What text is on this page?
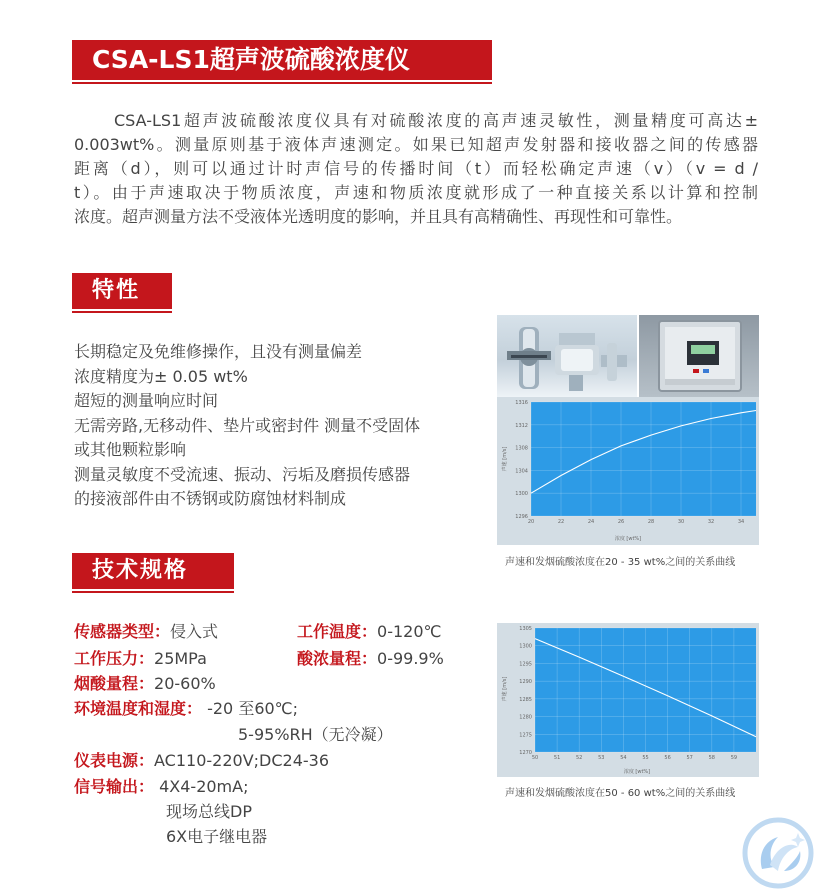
CSA-LS1超声波硫酸浓度仪
CSA-LS1超声波硫酸浓度仪具有对硫酸浓度的高声速灵敏性，测量精度可高达±
0.003wt%。测量原则基于液体声速测定。如果已知超声发射器和接收器之间的传感器
距离（d），则可以通过计时声信号的传播时间（t）而轻松确定声速（v）（v = d /
t）。由于声速取决于物质浓度，声速和物质浓度就形成了一种直接关系以计算和控制
浓度。超声测量方法不受液体光透明度的影响，并且具有高精确性、再现性和可靠性。
特性
长期稳定及免维修操作，且没有测量偏差
浓度精度为± 0.05 wt%
超短的测量响应时间
无需旁路,无移动件、垫片或密封件 测量不受固体
或其他颗粒影响
测量灵敏度不受流速、振动、污垢及磨损传感器
的接液部件由不锈钢或防腐蚀材料制成
1296
1300
1304
1308
1312
1316
20	22	24	26	28	30	32	34
浓度 [wt%]
声速 [m/s]
声速和发烟硫酸浓度在20 - 35 wt%之间的关系曲线
技术规格
传感器类型：侵入式	工作温度：0-120℃
工作压力：25MPa	酸浓量程：0-99.9%
烟酸量程：20-60%
环境温度和湿度： -20 至60℃;
5-95%RH（无冷凝）
仪表电源：AC110-220V;DC24-36
信号输出： 4X4-20mA;
现场总线DP
6X电子继电器
1270
1275
1280
1285
1290
1295
1300
1305
50	51	52	53	54	55	56	57	58	59
浓度 [wt%]
声速 [m/s]
声速和发烟硫酸浓度在50 - 60 wt%之间的关系曲线
